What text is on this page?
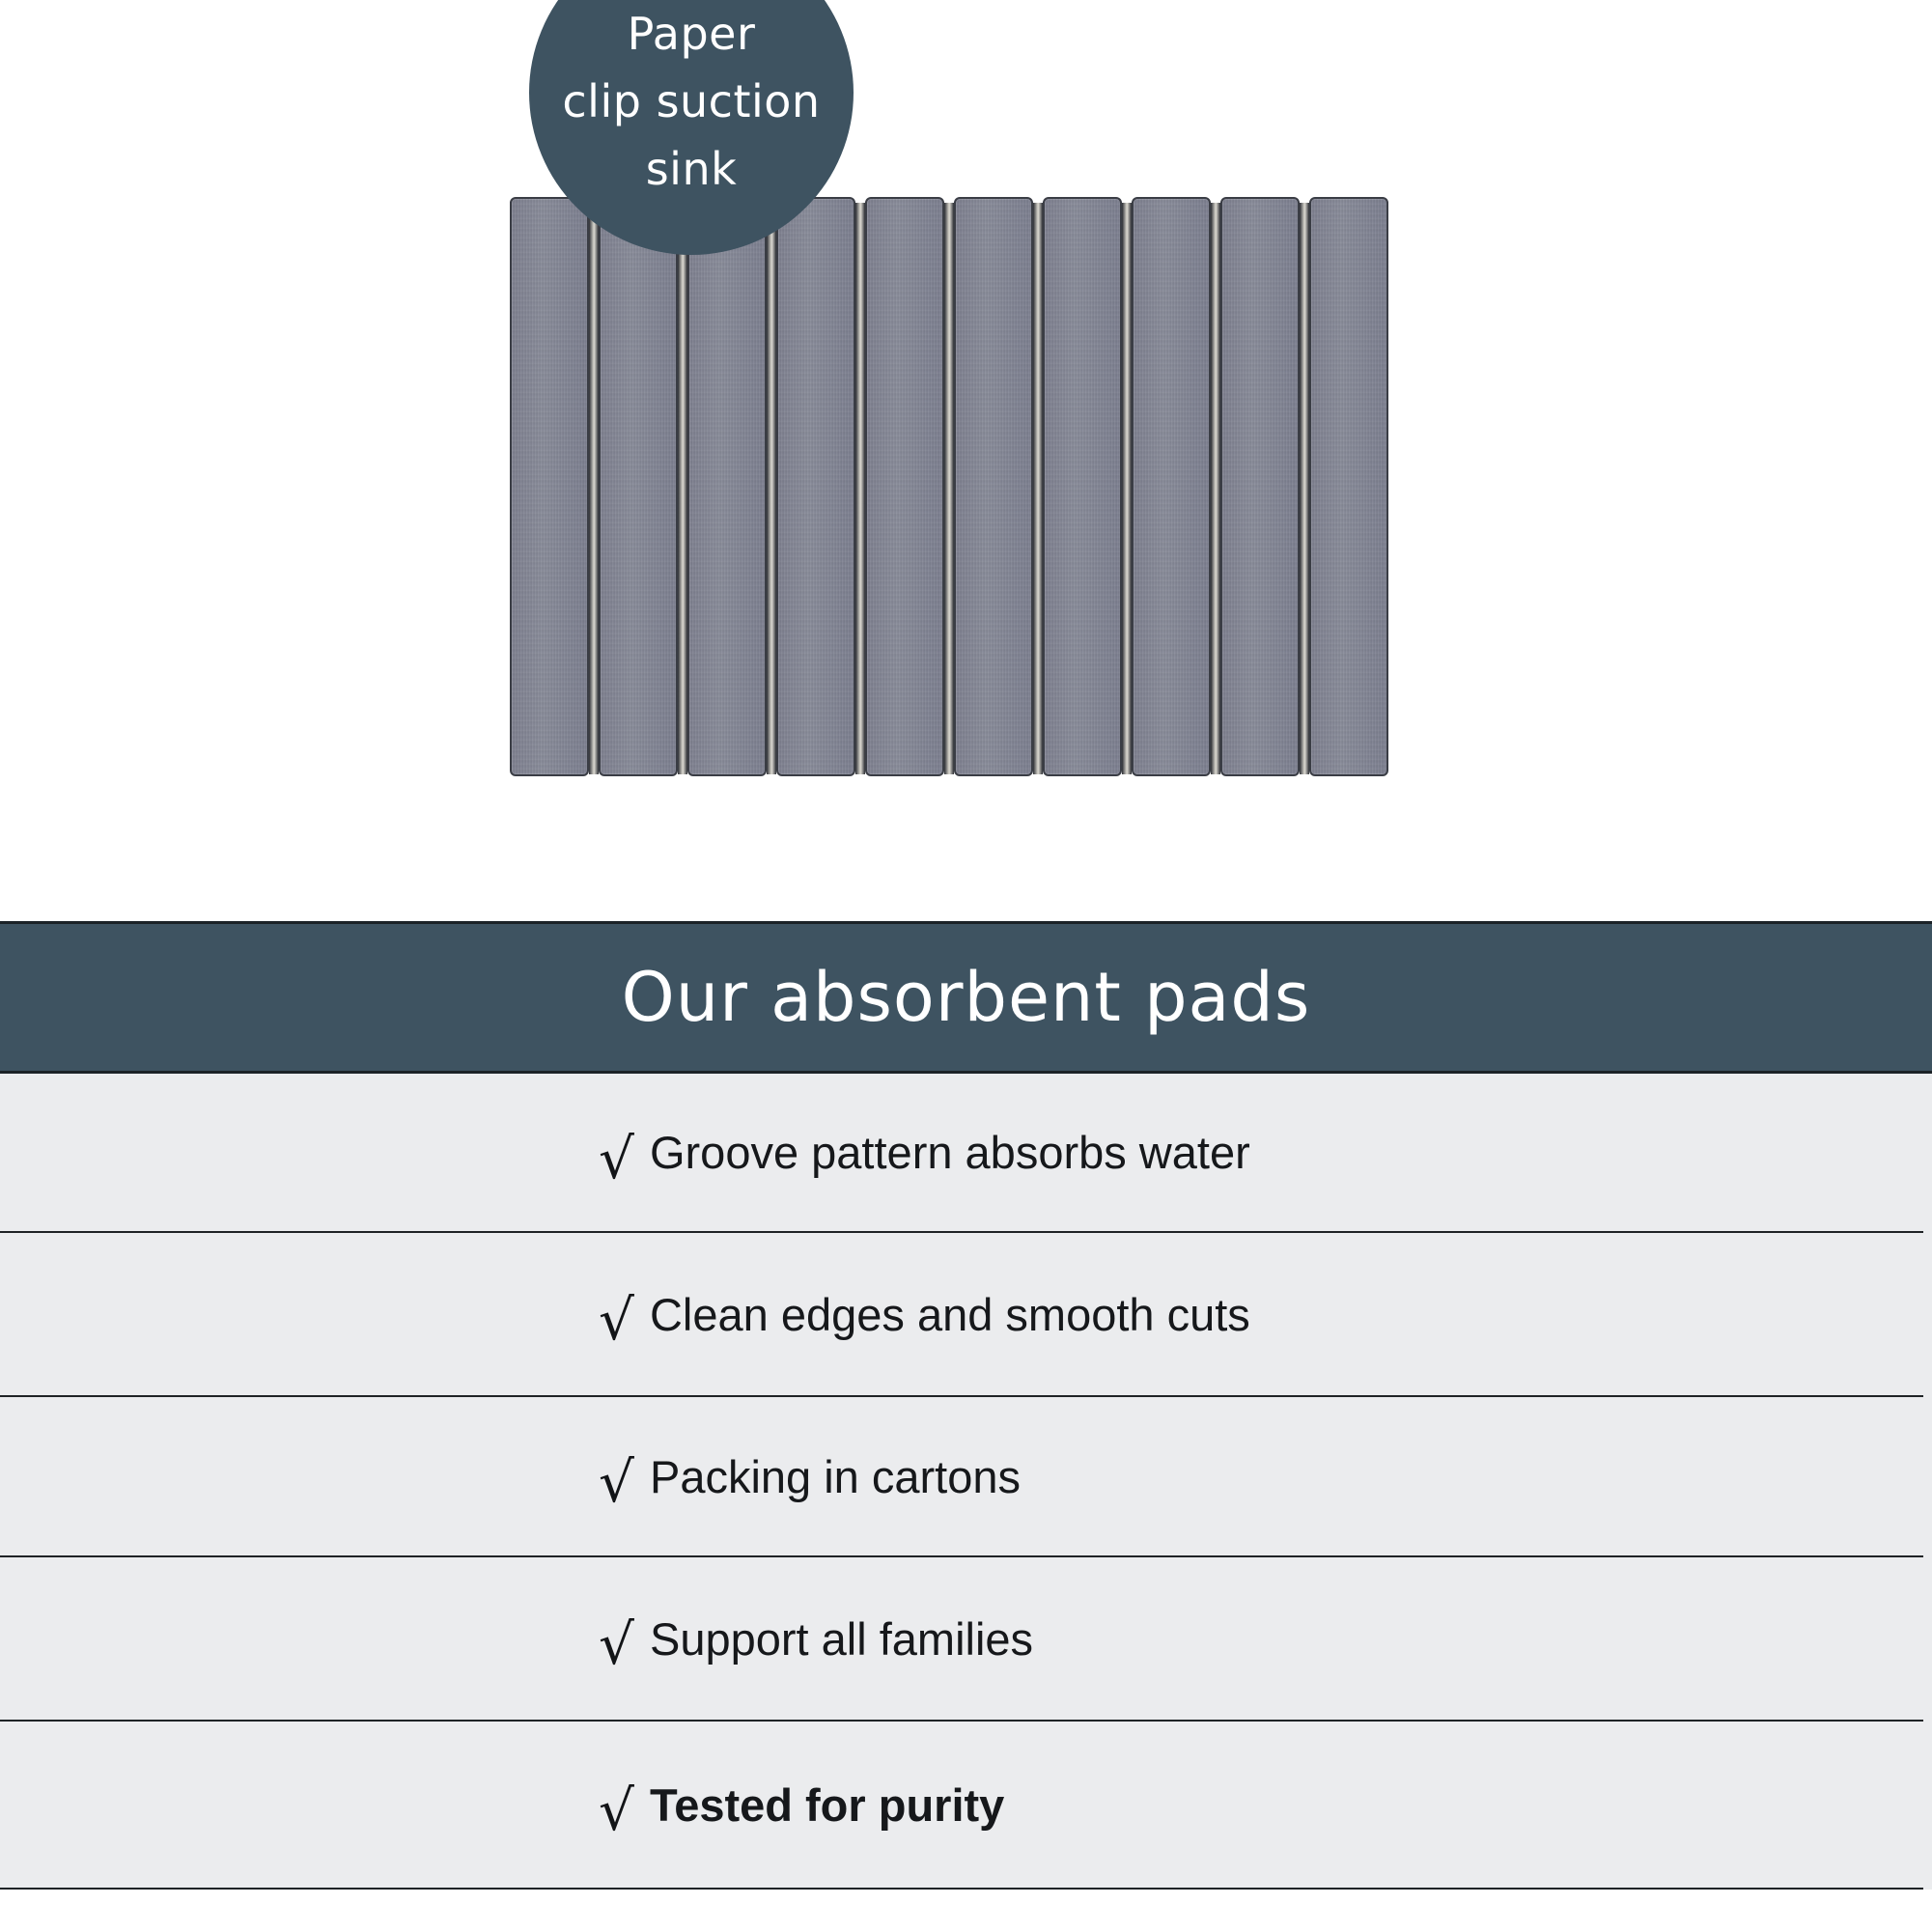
Paper
clip suction
sink
Our absorbent pads
√ Groove pattern absorbs water
√ Clean edges and smooth cuts
√ Packing in cartons
√ Support all families
√ Tested for purity
